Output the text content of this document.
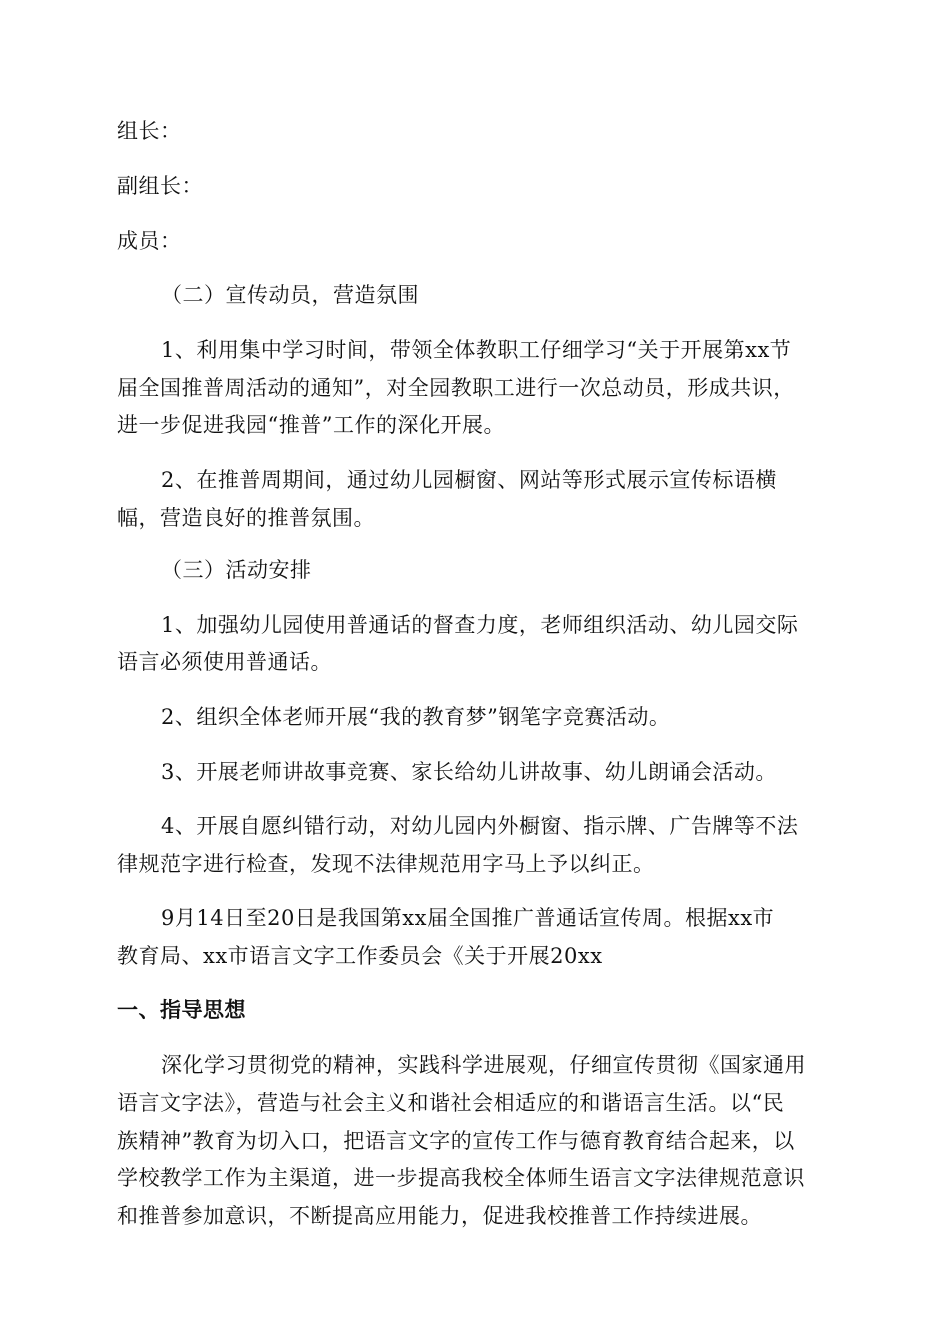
组长：
副组长：
成员：
（二）宣传动员，营造氛围
1、利用集中学习时间，带领全体教职工仔细学习“关于开展第xx节
届全国推普周活动的通知”，对全园教职工进行一次总动员，形成共识，
进一步促进我园“推普”工作的深化开展。
2、在推普周期间，通过幼儿园橱窗、网站等形式展示宣传标语横
幅，营造良好的推普氛围。
（三）活动安排
1、加强幼儿园使用普通话的督查力度，老师组织活动、幼儿园交际
语言必须使用普通话。
2、组织全体老师开展“我的教育梦”钢笔字竞赛活动。
3、开展老师讲故事竞赛、家长给幼儿讲故事、幼儿朗诵会活动。
4、开展自愿纠错行动，对幼儿园内外橱窗、指示牌、广告牌等不法
律规范字进行检查，发现不法律规范用字马上予以纠正。
9月14日至20日是我国第xx届全国推广普通话宣传周。根据xx市
教育局、xx市语言文字工作委员会《关于开展20xx
一、指导思想
深化学习贯彻党的精神，实践科学进展观，仔细宣传贯彻《国家通用
语言文字法》，营造与社会主义和谐社会相适应的和谐语言生活。以“民
族精神”教育为切入口，把语言文字的宣传工作与德育教育结合起来，以
学校教学工作为主渠道，进一步提高我校全体师生语言文字法律规范意识
和推普参加意识，不断提高应用能力，促进我校推普工作持续进展。
